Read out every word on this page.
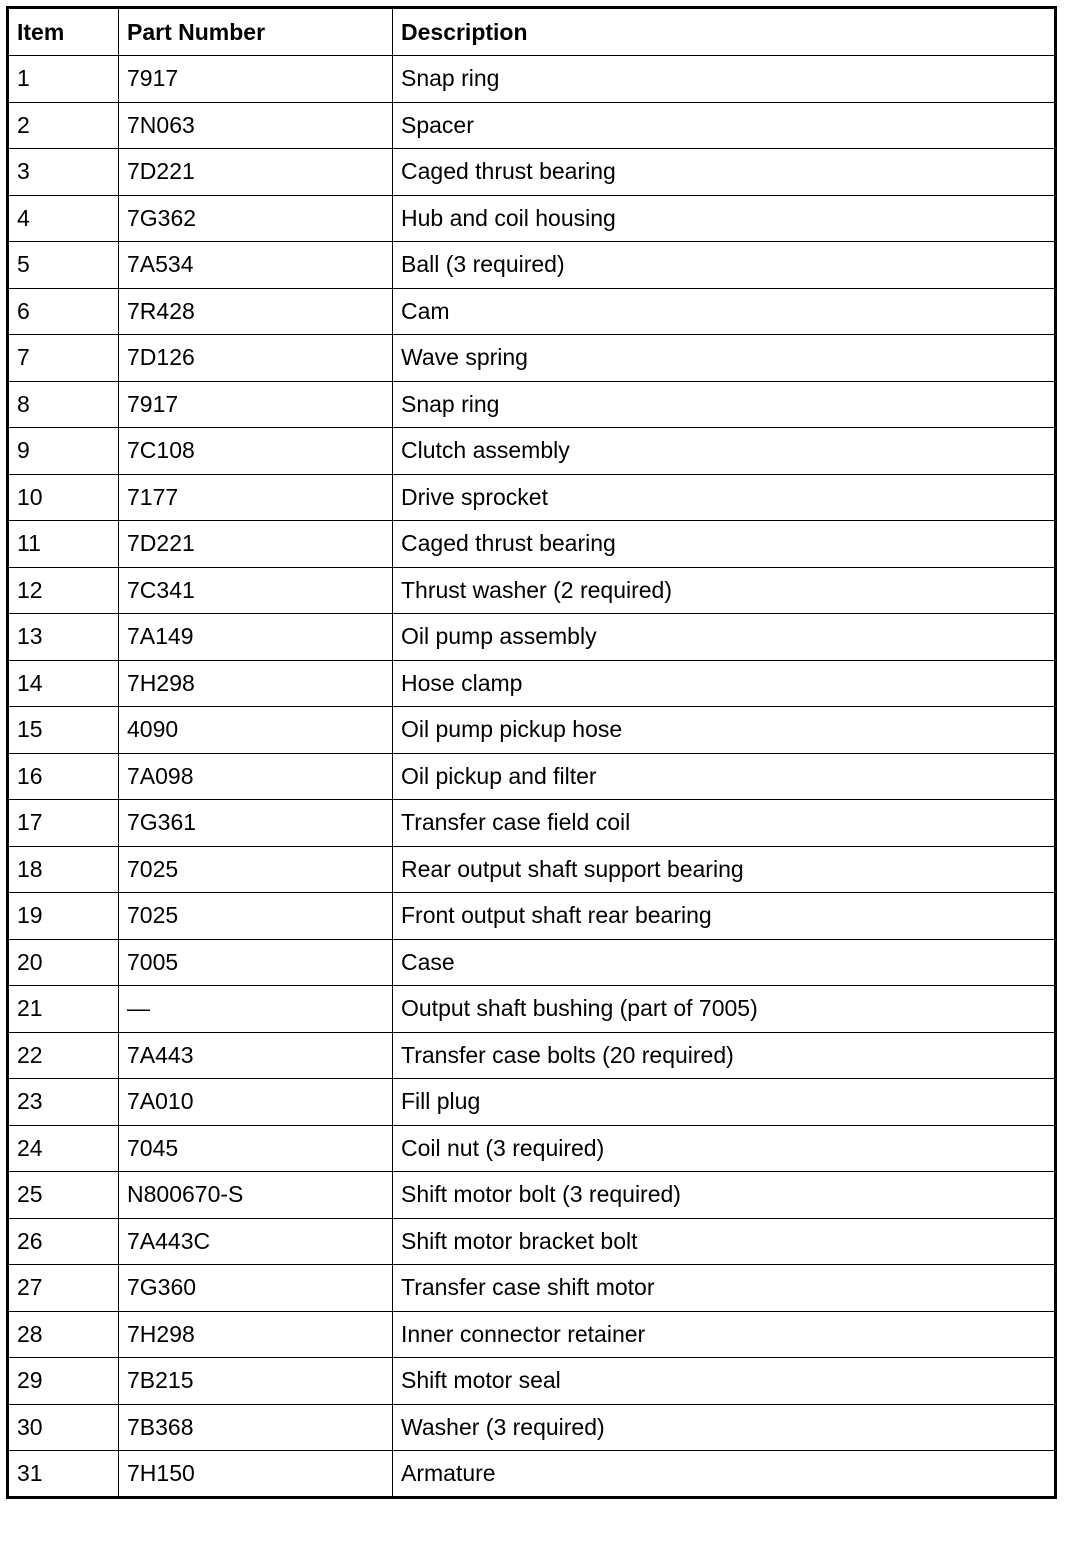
Item	Part Number	Description
1	7917	Snap ring
2	7N063	Spacer
3	7D221	Caged thrust bearing
4	7G362	Hub and coil housing
5	7A534	Ball (3 required)
6	7R428	Cam
7	7D126	Wave spring
8	7917	Snap ring
9	7C108	Clutch assembly
10	7177	Drive sprocket
11	7D221	Caged thrust bearing
12	7C341	Thrust washer (2 required)
13	7A149	Oil pump assembly
14	7H298	Hose clamp
15	4090	Oil pump pickup hose
16	7A098	Oil pickup and filter
17	7G361	Transfer case field coil
18	7025	Rear output shaft support bearing
19	7025	Front output shaft rear bearing
20	7005	Case
21	—	Output shaft bushing (part of 7005)
22	7A443	Transfer case bolts (20 required)
23	7A010	Fill plug
24	7045	Coil nut (3 required)
25	N800670-S	Shift motor bolt (3 required)
26	7A443C	Shift motor bracket bolt
27	7G360	Transfer case shift motor
28	7H298	Inner connector retainer
29	7B215	Shift motor seal
30	7B368	Washer (3 required)
31	7H150	Armature
